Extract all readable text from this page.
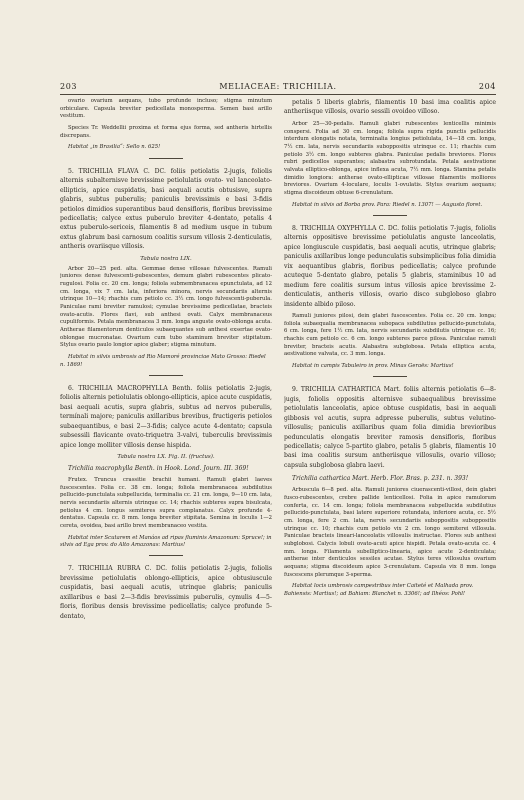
203	MELIACEAE: TRICHILIA.	204

ovario ovarium aequans, tubo profunde incluso; stigma minutum orbiculare. Capsula breviter pedicellata monosperma. Semen basi arillo vestitum.

Species Tr. Weddellii proxima et forma ejus forma, sed antheris hirtellis discrepans.

Habitat „in Brasilia“: Sello n. 625!

5. TRICHILIA FLAVA C. DC. foliis petiolatis 2-jugis, foliolis alternis subalternisve brevissime petiolulatis ovato- vel lanceolato-ellipticis, apice cuspidatis, basi aequali acutis obtusisve, supra glabris, subtus puberulis; paniculis brevissimis e basi 3-fidis petiolos dimidios superantibus baud densifloris, floribus brevissime pedicellatis; calyce extus puberulo breviter 4-dentato, petalis 4 extus puberulo-sericeis, filamentis 8 ad medium usque in tubum extus glabrum basi carnosum coalitis sursum villosis 2-denticulatis, antheris ovariisque villosis.

Tabula nostra LIX.

Arbor 20—25 ped. alta. Gemmae dense villosae fulvescentes. Ramuli juniores dense fulvescenti-pubescentes, demum glabri rubescentes plicato-rugulosi. Folia cc. 20 cm. longa; foliola submembranacea epunctulata, ad 12 cm. longa, vix 7 cm. lata, inferiora minora, nervis secundariis alternis utrinque 10—14; rhachis cum petiolo cc. 3½ cm. longo fulvescenti-puberula. Paniculae rami breviter ramulosi; cymulae brevissime pedicellatae, bracteis ovato-acutis. Flores flavi, sub anthesi ovati. Calyx membranaceus cupuliformis. Petala membranacea 3 mm. longa anguste ovato-oblonga acuta. Antherae filamentorum denticulos subaequantes sub anthesi exsertae ovato-oblongae mucronatae. Ovarium cum tubo staminum breviter stipitatum. Stylus ovario paulo longior apice glaber; stigma minutum.

Habitat in silvis umbrosis ad Rio Mamoré provinciae Mato Grosso: Riedel n. 1869!

6. TRICHILIA MACROPHYLLA Benth. foliis petiolatis 2-jugis, foliolis alternis petiolulatis oblongo-ellipticis, apice acute cuspidatis, basi aequali acutis, supra glabris, subtus ad nervos puberulis, termínali majore; paniculis axillaribus brevibus, fructigeris petiolos subaequantibus, e basi 2—3-fidis; calyce acute 4-dentato; capsula subsessili flavicante ovato-triquetra 3-valvi, tuberculis brevissimis apice longe molliter villosis dense hispida.

Tabula nostra LX. Fig. II. (fructus).

Trichilia macrophylla Benth. in Hook. Lond. Journ. III. 369!

Frutex. Truncus crassitie brachii humani. Ramuli glabri laeves fuscescentes. Folia cc. 38 cm. longa; foliola membranacea subdilutius pellucido-punctulata subpellucida, terminalia cc. 21 cm. longa, 9—10 cm. lata, nervis secundariis alternis utrinque cc. 14; rhachis subteres supra bisulcata, petiolus 4 cm. longus semiteres supra complanatus. Calyx profunde 4-dentatus. Capsula cc. 8 mm. longa breviter stipitata. Semina in loculis 1—2 cereta, ovoidea, basi arillo brevi membranaceo vestita.

Habitat inter Scutarem et Manáos ad ripas fluminis Amazonum: Spruce!; in silvis ad Ega prov. do Alto Amazonas: Martius!

7. TRICHILIA RUBRA C. DC. foliis petiolatis 2-jugis, foliolis brevissime petiolulatis oblongo-ellipticis, apice obtusiuscule cuspidatis, basi aequali acutis, utrinque glabris; paniculis axillaribus e basi 2—3-fidis brevissimis puberulis, cymulis 4—5-floris, floribus densis brevissime pedicellatis; calyce profunde 5-dentato,

petalis 5 liberis glabris, filamentis 10 basi ima coalitis apice antheriisque villosis, ovario sessili ovoideo villoso.

Arbor 25—30-pedalis. Ramuli glabri rubescentes lenticellis minimis conspersi. Folia ad 30 cm. longa; foliola supra rigida punctis pellucidis interdum elongatis notata, terminalia longius petiolulata, 14—18 cm. longa, 7½ cm. lata, nervis secundariis suboppositis utrinque cc. 11; rhachis cum petiolo 3½ cm. longo subteres glabra. Paniculae pedalis breviores. Flores rubri pedicellos superantes; alabastra subrotundata. Petala aestivatione valvata elliptico-oblonga, apice inflexa acuta, 7½ mm. longa. Stamina petalis dimidio longiora: antherae ovato-ellipticae villosae filamentis molliores breviores. Ovarium 4-loculare, loculis 1-ovulatis. Stylus ovarium aequans; stigma discoideum obtuse 6-crenulatum.

Habitat in silvis ad Borba prov. Para: Riedel n. 1307! — Augusto floret.

8. TRICHILIA OXYPHYLLA C. DC. foliis petiolatis 7-jugis, foliolis alternis oppositisve brevissime petiolulatis anguste lanceolatis, apice longiuscule cuspidatis, basi aequali acutis, utrinque glabris; paniculis axillaribus longe pedunculatis subsimplicibus folia dimidia vix aequantibus glabris, floribus pedicellatis; calyce profunde acuteque 5-dentato glabro, petalis 5 glabris, staminibus 10 ad medium fere coalitis sursum intus villosis apice brevissime 2-denticulatis, antheris villosis, ovario disco subgloboso glabro insidente albido piloso.

Ramuli juniores pilosi, dein glabri fuscescentes. Folia cc. 20 cm. longa; foliola subaequalia membranacea subopaca subdilutius pellucido-punctulata, 6 cm. longa, fere 1½ cm. lata, nervis secundariis subdilutis utrinque cc. 16; rhachis cum petiolo cc. 6 cm. longo subteres parce pilosa. Paniculae ramuli breviter, bracteis acutis. Alabastra subglobosa. Petala elliptica acuta, aestivatione valvata, cc. 3 mm. longa.

Habitat in campis Tabuleiro in prov. Minas Geraës: Martius!

9. TRICHILIA CATHARTICA Mart. foliis alternis petiolatis 6—8-jugis, foliolis oppositis alternisve subaequalibus brevissime petiolulatis lanceolatis, apice obtuse cuspidatis, basi in aequali gibbosis vel acutis, supra adpresse puberulis, subtus velutino-villosulis; paniculis axillaribus quam folia dimidia brevioribus pedunculatis elongatis breviter ramosis densifloris, floribus pedicellatis; calyce 5-partito glabro, petalis 5 glabris, filamentis 10 basi ima coalitis sursum antheriisque villosulis, ovario villoso; capsula subglobosa glabra laevi.

Trichilia cathartica Mart. Herb. Flor. Bras. p. 231. n. 393!

Arbuscula 6—8 ped. alta. Ramuli juniores ciuerascenti-villosi, dein glabri fusco-rubescentes, crebre pallide lenticellosi. Folia in apice ramulorum conferta, cc. 14 cm. longa; foliola membranacea subpellucida subdilutius pellucido-punctulata, basi latere superiore rotundata, inferiore acuta, cc. 5½ cm. longa, fere 2 cm. lata, nervis secundariis suboppositis suboppositis utrinque cc. 10; rhachis cum petiolo vix 2 cm. longo semiterei villosula. Paniculae bracteis lineari-lanceolatis villosulis instructae. Flores sub anthesi subglobosi. Calycis lobuli ovato-acuti apice hispidi. Petala ovato-acuta cc. 4 mm. longa. Filamenta subelliptico-linearia, apice acute 2-denticulata; antherae inter denticulos sessiles acutae. Stylus teres villosulus ovarium aequans; stigma discoideum apice 3-crenulatum. Capsula vix 8 mm. longa fuscescens plerumque 3-sperma.

Habitat locis umbrosis campestribus inter Caiteté et Malhada prov. Bahiensis: Martius!; ad Bahiam: Blanchet n. 3306!; ad Ilhéos: Pohl!
